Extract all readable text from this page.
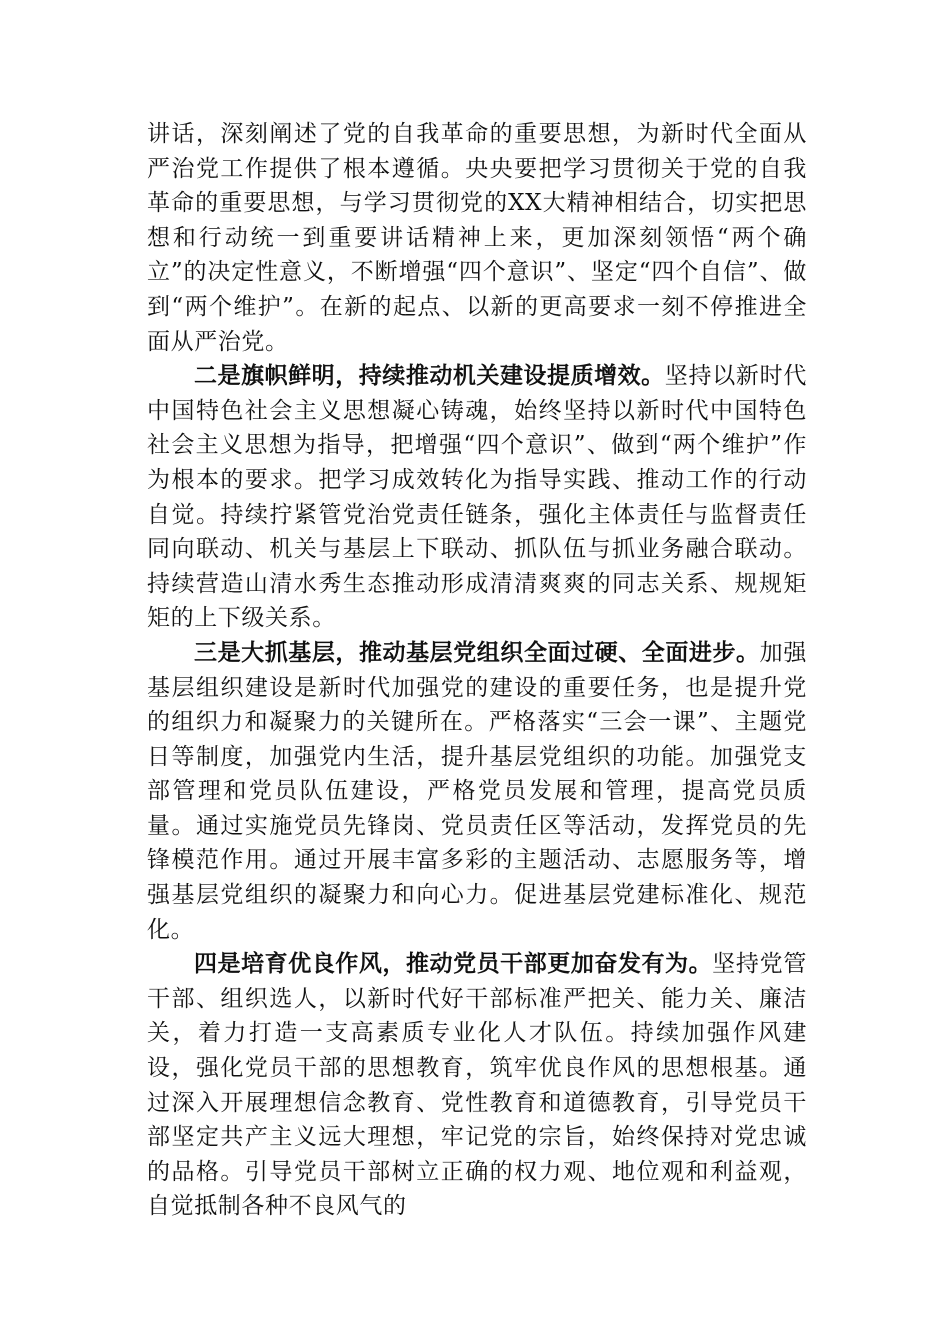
讲话，深刻阐述了党的自我革命的重要思想，为新时代全面从严治党工作提供了根本遵循。央央要把学习贯彻关于党的自我革命的重要思想，与学习贯彻党的XX大精神相结合，切实把思想和行动统一到重要讲话精神上来，更加深刻领悟“两个确立”的决定性意义，不断增强“四个意识”、坚定“四个自信”、做到“两个维护”。在新的起点、以新的更高要求一刻不停推进全面从严治党。

二是旗帜鲜明，持续推动机关建设提质增效。坚持以新时代中国特色社会主义思想凝心铸魂，始终坚持以新时代中国特色社会主义思想为指导，把增强“四个意识”、做到“两个维护”作为根本的要求。把学习成效转化为指导实践、推动工作的行动自觉。持续拧紧管党治党责任链条，强化主体责任与监督责任同向联动、机关与基层上下联动、抓队伍与抓业务融合联动。持续营造山清水秀生态推动形成清清爽爽的同志关系、规规矩矩的上下级关系。

三是大抓基层，推动基层党组织全面过硬、全面进步。加强基层组织建设是新时代加强党的建设的重要任务，也是提升党的组织力和凝聚力的关键所在。严格落实“三会一课”、主题党日等制度，加强党内生活，提升基层党组织的功能。加强党支部管理和党员队伍建设，严格党员发展和管理，提高党员质量。通过实施党员先锋岗、党员责任区等活动，发挥党员的先锋模范作用。通过开展丰富多彩的主题活动、志愿服务等，增强基层党组织的凝聚力和向心力。促进基层党建标准化、规范化。

四是培育优良作风，推动党员干部更加奋发有为。坚持党管干部、组织选人，以新时代好干部标准严把关、能力关、廉洁关，着力打造一支高素质专业化人才队伍。持续加强作风建设，强化党员干部的思想教育，筑牢优良作风的思想根基。通过深入开展理想信念教育、党性教育和道德教育，引导党员干部坚定共产主义远大理想，牢记党的宗旨，始终保持对党忠诚的品格。引导党员干部树立正确的权力观、地位观和利益观，自觉抵制各种不良风气的
